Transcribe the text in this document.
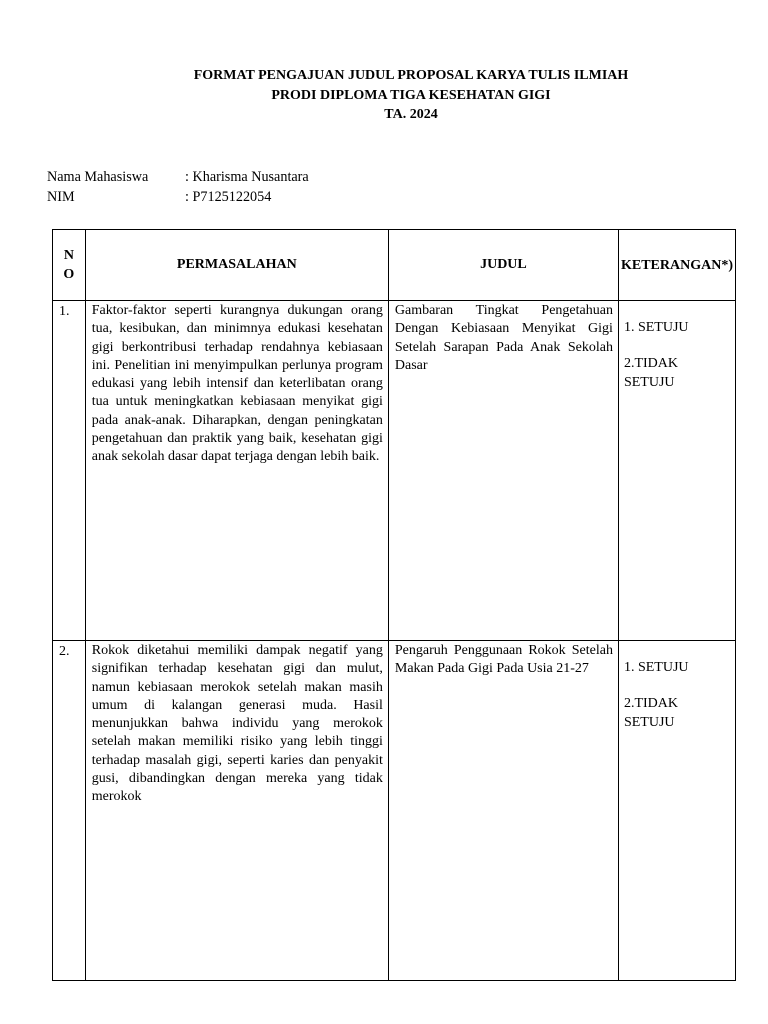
FORMAT PENGAJUAN JUDUL PROPOSAL KARYA TULIS ILMIAH
PRODI DIPLOMA TIGA KESEHATAN GIGI
TA. 2024
Nama Mahasiswa	: Kharisma Nusantara
NIM	: P7125122054
N O	PERMASALAHAN	JUDUL	KETERANGAN*)
1.	Faktor-faktor seperti kurangnya dukungan orang tua, kesibukan, dan minimnya edukasi kesehatan gigi berkontribusi terhadap rendahnya kebiasaan ini. Penelitian ini menyimpulkan perlunya program edukasi yang lebih intensif dan keterlibatan orang tua untuk meningkatkan kebiasaan menyikat gigi pada anak-anak. Diharapkan, dengan peningkatan pengetahuan dan praktik yang baik, kesehatan gigi anak sekolah dasar dapat terjaga dengan lebih baik.	Gambaran Tingkat Pengetahuan Dengan Kebiasaan Menyikat Gigi Setelah Sarapan Pada Anak Sekolah Dasar	1. SETUJU
2.TIDAK SETUJU

2.	Rokok diketahui memiliki dampak negatif yang signifikan terhadap kesehatan gigi dan mulut, namun kebiasaan merokok setelah makan masih umum di kalangan generasi muda. Hasil menunjukkan bahwa individu yang merokok setelah makan memiliki risiko yang lebih tinggi terhadap masalah gigi, seperti karies dan penyakit gusi, dibandingkan dengan mereka yang tidak merokok	Pengaruh Penggunaan Rokok Setelah Makan Pada Gigi Pada Usia 21-27	1. SETUJU
2.TIDAK SETUJU
